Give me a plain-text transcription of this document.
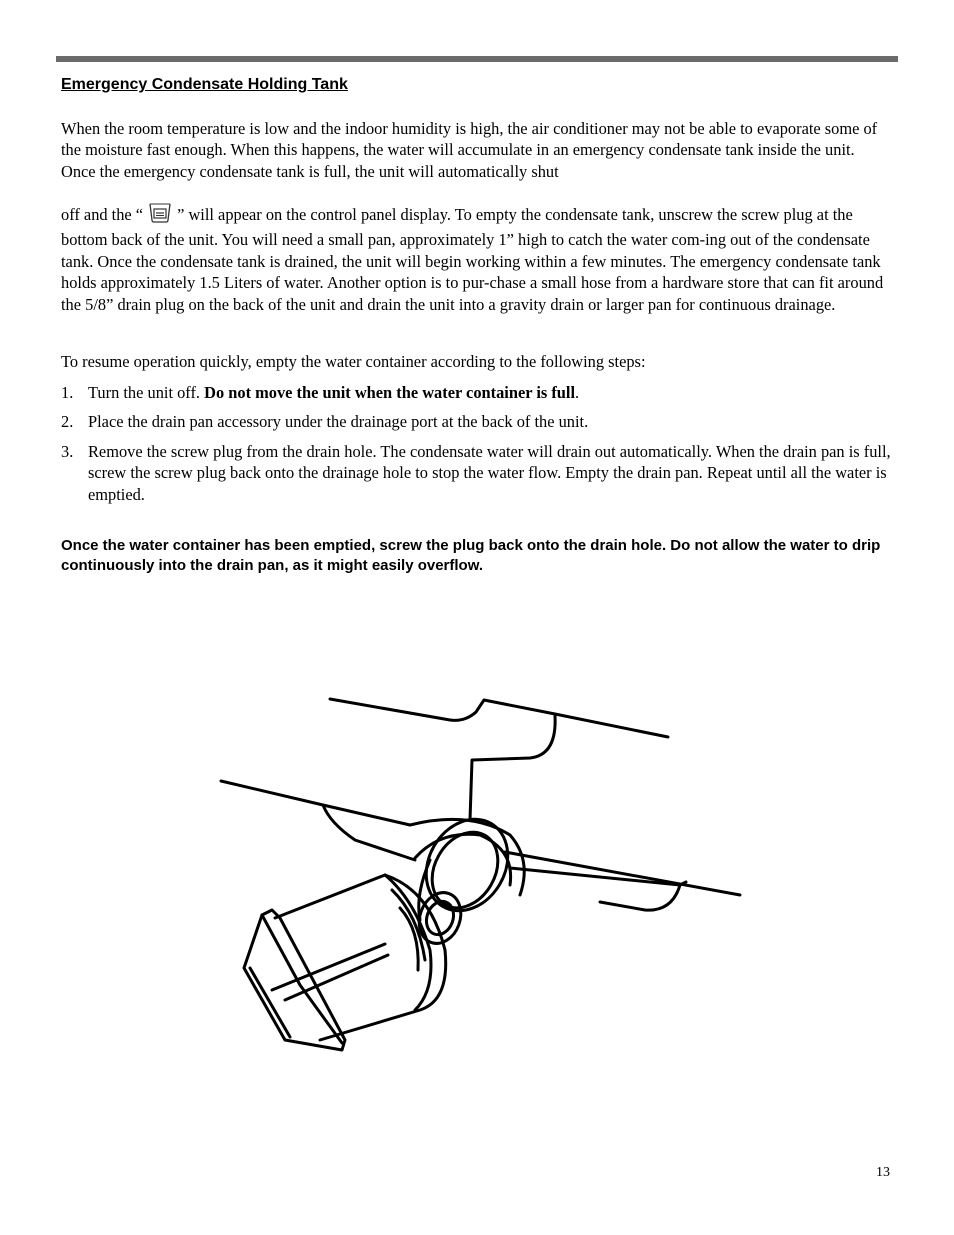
Emergency Condensate Holding Tank

When the room temperature is low and the indoor humidity is high, the air conditioner may not be able to evaporate some of the moisture fast enough. When this happens, the water will accumulate in an emergency condensate tank inside the unit. Once the emergency condensate tank is full, the unit will automatically shut

off and the “ ” will appear on the control panel display. To empty the condensate tank, unscrew the screw plug at the bottom back of the unit. You will need a small pan, approximately 1” high to catch the water com-ing out of the condensate tank. Once the condensate tank is drained, the unit will begin working within a few minutes. The emergency condensate tank holds approximately 1.5 Liters of water. Another option is to pur-chase a small hose from a hardware store that can fit around the 5/8” drain plug on the back of the unit and drain the unit into a gravity drain or larger pan for continuous drainage.

To resume operation quickly, empty the water container according to the following steps:

1. Turn the unit off. Do not move the unit when the water container is full.
2. Place the drain pan accessory under the drainage port at the back of the unit.
3. Remove the screw plug from the drain hole. The condensate water will drain out automatically. When the drain pan is full, screw the screw plug back onto the drainage hole to stop the water flow. Empty the drain pan. Repeat until all the water is emptied.
Once the water container has been emptied, screw the plug back onto the drain hole. Do not allow the water to drip continuously into the drain pan, as it might easily overflow.
13
